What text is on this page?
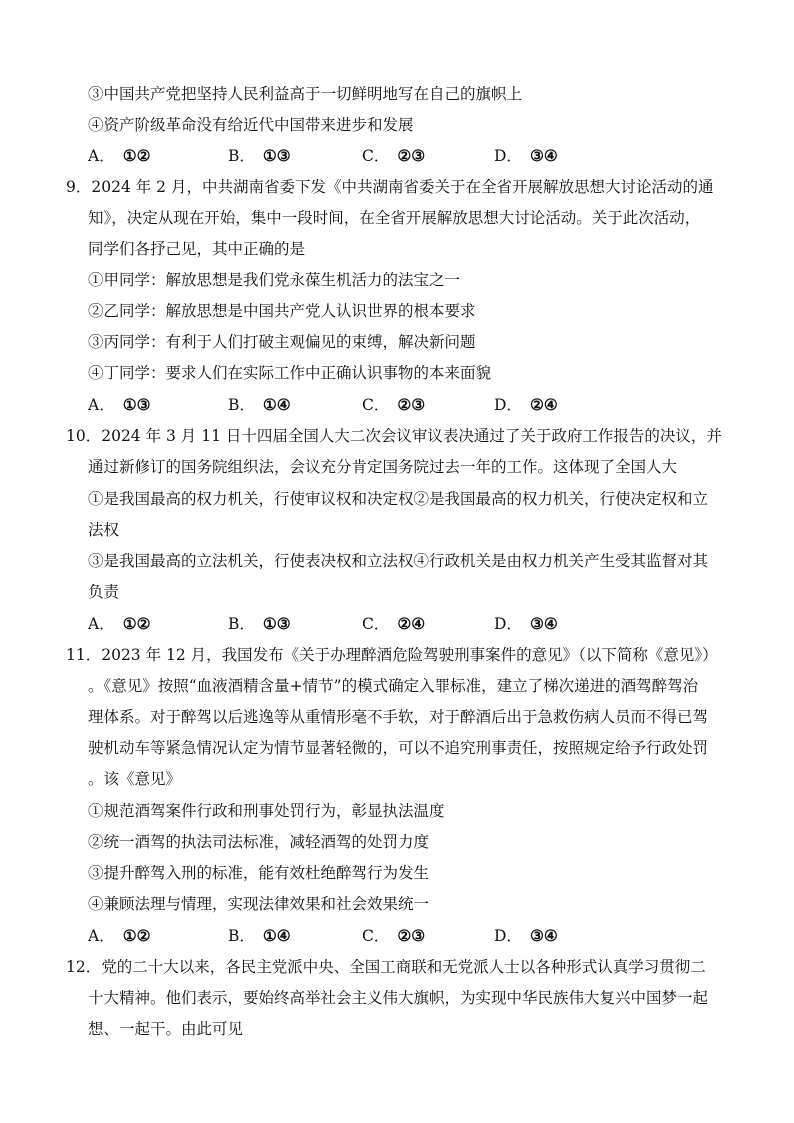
③中国共产党把坚持人民利益高于一切鲜明地写在自己的旗帜上
④资产阶级革命没有给近代中国带来进步和发展
A． ①②	B． ①③	C． ②③	D． ③④
9．2024 年 2 月，中共湖南省委下发《中共湖南省委关于在全省开展解放思想大讨论活动的通
知》，决定从现在开始，集中一段时间，在全省开展解放思想大讨论活动。关于此次活动，
同学们各抒己见，其中正确的是
①甲同学：解放思想是我们党永葆生机活力的法宝之一
②乙同学：解放思想是中国共产党人认识世界的根本要求
③丙同学：有利于人们打破主观偏见的束缚，解决新问题
④丁同学：要求人们在实际工作中正确认识事物的本来面貌
A． ①③	B． ①④	C． ②③	D． ②④
10．2024 年 3 月 11 日十四届全国人大二次会议审议表决通过了关于政府工作报告的决议，并
通过新修订的国务院组织法，会议充分肯定国务院过去一年的工作。这体现了全国人大
①是我国最高的权力机关，行使审议权和决定权②是我国最高的权力机关，行使决定权和立
法权
③是我国最高的立法机关，行使表决权和立法权④行政机关是由权力机关产生受其监督对其
负责
A． ①②	B． ①③	C． ②④	D． ③④
11．2023 年 12 月，我国发布《关于办理醉酒危险驾驶刑事案件的意见》（以下简称《意见》）
。《意见》按照“血液酒精含量+情节”的模式确定入罪标准，建立了梯次递进的酒驾醉驾治
理体系。对于醉驾以后逃逸等从重情形毫不手软，对于醉酒后出于急救伤病人员而不得已驾
驶机动车等紧急情况认定为情节显著轻微的，可以不追究刑事责任，按照规定给予行政处罚
。该《意见》
①规范酒驾案件行政和刑事处罚行为，彰显执法温度
②统一酒驾的执法司法标准，减轻酒驾的处罚力度
③提升醉驾入刑的标准，能有效杜绝醉驾行为发生
④兼顾法理与情理，实现法律效果和社会效果统一
A． ①②	B． ①④	C． ②③	D． ③④
12．党的二十大以来，各民主党派中央、全国工商联和无党派人士以各种形式认真学习贯彻二
十大精神。他们表示，要始终高举社会主义伟大旗帜，为实现中华民族伟大复兴中国梦一起
想、一起干。由此可见
